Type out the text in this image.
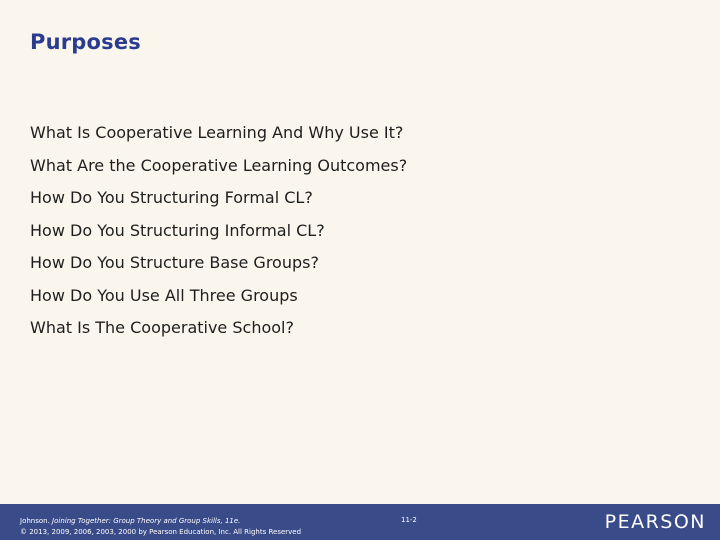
Purposes
What Is Cooperative Learning And Why Use It?
What Are the Cooperative Learning Outcomes?
How Do You Structuring Formal CL?
How Do You Structuring Informal CL?
How Do You Structure Base Groups?
How Do You Use All Three Groups
What Is The Cooperative School?
Johnson. Joining Together: Group Theory and Group Skills, 11e.
© 2013, 2009, 2006, 2003, 2000 by Pearson Education, Inc. All Rights Reserved
11-2	PEARSON
